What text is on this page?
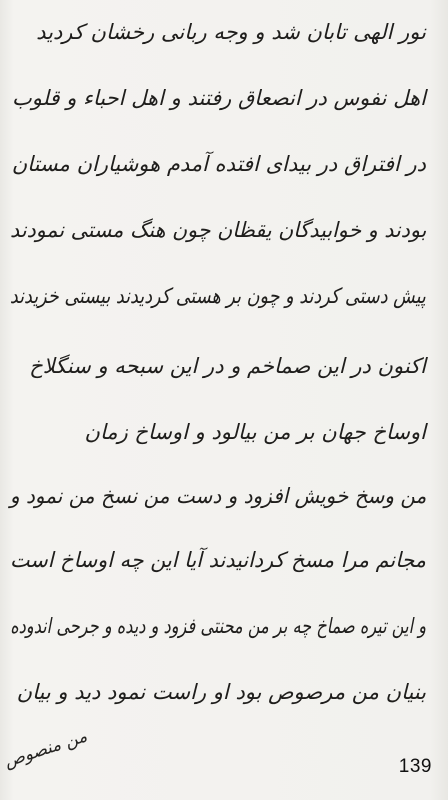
نور الهی تابان شد و وجه ربانی رخشان کردید
اهل نفوس در انصعاق رفتند و اهل احباء و قلوب
در افتراق در بیدای افتده آمدم هوشیاران مستان
بودند و خوابیدگان یقظان چون هنگ مستی نمودند
پیش دستی کردند و چون بر هستی کردیدند بیستی خزیدند
اکنون در این صماخم و در این سبحه و سنگلاخ
اوساخ جهان بر من بیالود و اوساخ زمان
من وسخ خویش افزود و دست من نسخ من نمود و
مجانم مرا مسخ کردانیدند آیا این چه اوساخ است
و این تیره صماخ چه بر من محنتی فزود و دیده و جرحی اندوده
بنیان من مرصوص بود او راست نمود دید و بیان
من منصوص	139
